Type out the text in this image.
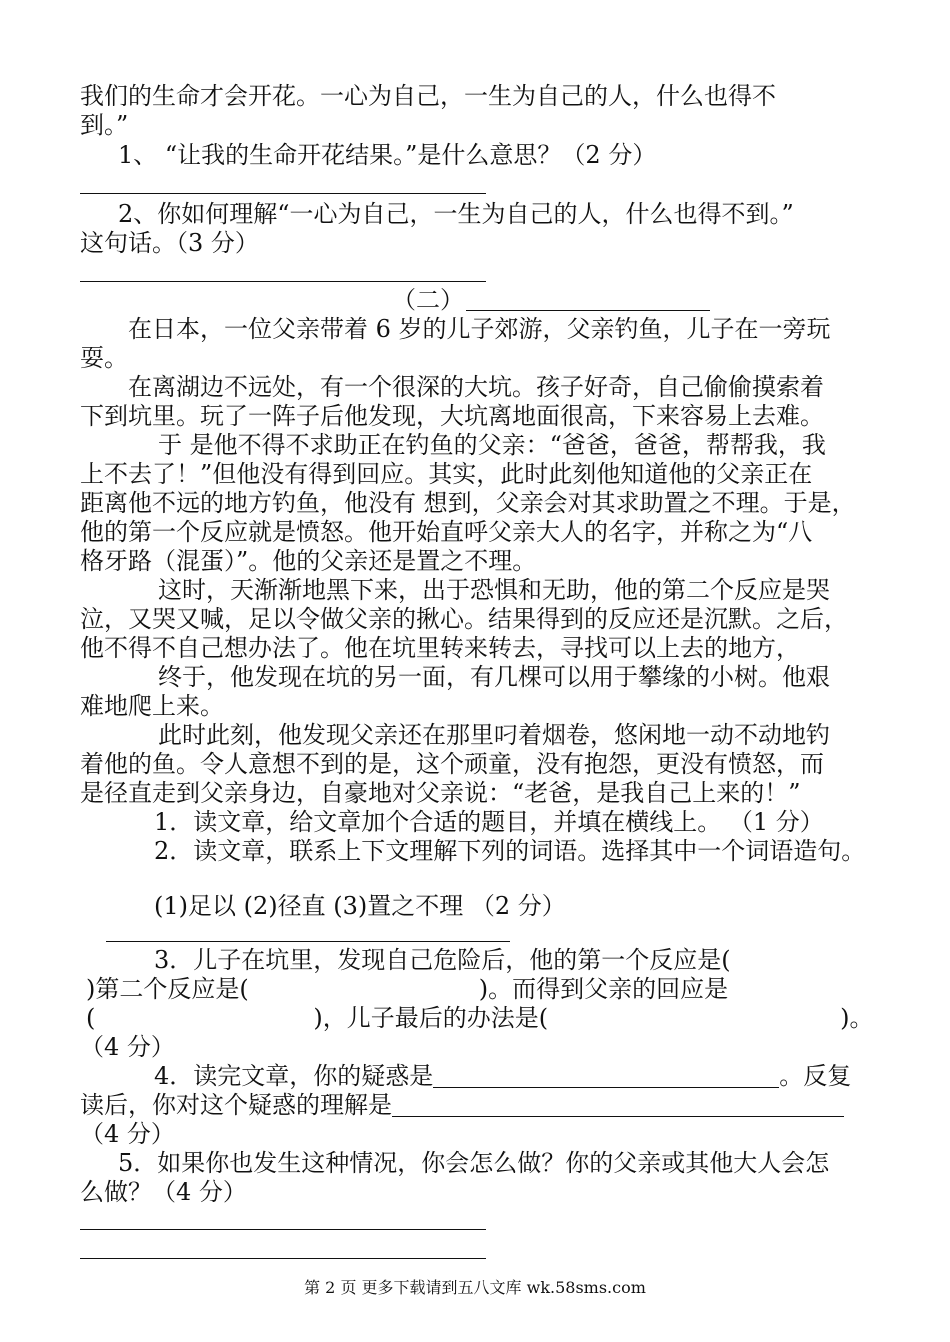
我们的生命才会开花。一心为自己，一生为自己的人，什么也得不
到。”
1、 “让我的生命开花结果。”是什么意思？（2 分）
2、你如何理解“一心为自己，一生为自己的人，什么也得不到。”
这句话。（3 分）
（二）
在日本，一位父亲带着 6 岁的儿子郊游，父亲钓鱼，儿子在一旁玩
耍。
在离湖边不远处，有一个很深的大坑。孩子好奇，自己偷偷摸索着
下到坑里。玩了一阵子后他发现，大坑离地面很高，下来容易上去难。
于 是他不得不求助正在钓鱼的父亲：“爸爸，爸爸，帮帮我，我
上不去了！”但他没有得到回应。其实，此时此刻他知道他的父亲正在
距离他不远的地方钓鱼，他没有 想到，父亲会对其求助置之不理。于是，
他的第一个反应就是愤怒。他开始直呼父亲大人的名字，并称之为“八
格牙路（混蛋）”。他的父亲还是置之不理。
这时，天渐渐地黑下来，出于恐惧和无助，他的第二个反应是哭
泣，又哭又喊，足以令做父亲的揪心。结果得到的反应还是沉默。之后，
他不得不自己想办法了。他在坑里转来转去，寻找可以上去的地方，
终于，他发现在坑的另一面，有几棵可以用于攀缘的小树。他艰
难地爬上来。
此时此刻，他发现父亲还在那里叼着烟卷，悠闲地一动不动地钓
着他的鱼。令人意想不到的是，这个顽童，没有抱怨，更没有愤怒，而
是径直走到父亲身边，自豪地对父亲说：“老爸，是我自己上来的！”
1．读文章，给文章加个合适的题目，并填在横线上。 （1 分）
2．读文章，联系上下文理解下列的词语。选择其中一个词语造句。
(1)足以 (2)径直 (3)置之不理 （2 分）
3．儿子在坑里，发现自己危险后，他的第一个反应是(
)第二个反应是(	)。而得到父亲的回应是
(	)，儿子最后的办法是(	)。
（4 分）
4．读完文章，你的疑惑是	。反复
读后，你对这个疑惑的理解是
（4 分）
5．如果你也发生这种情况，你会怎么做？你的父亲或其他大人会怎
么做？（4 分）
第 2 页 更多下载请到五八文库 wk.58sms.com
